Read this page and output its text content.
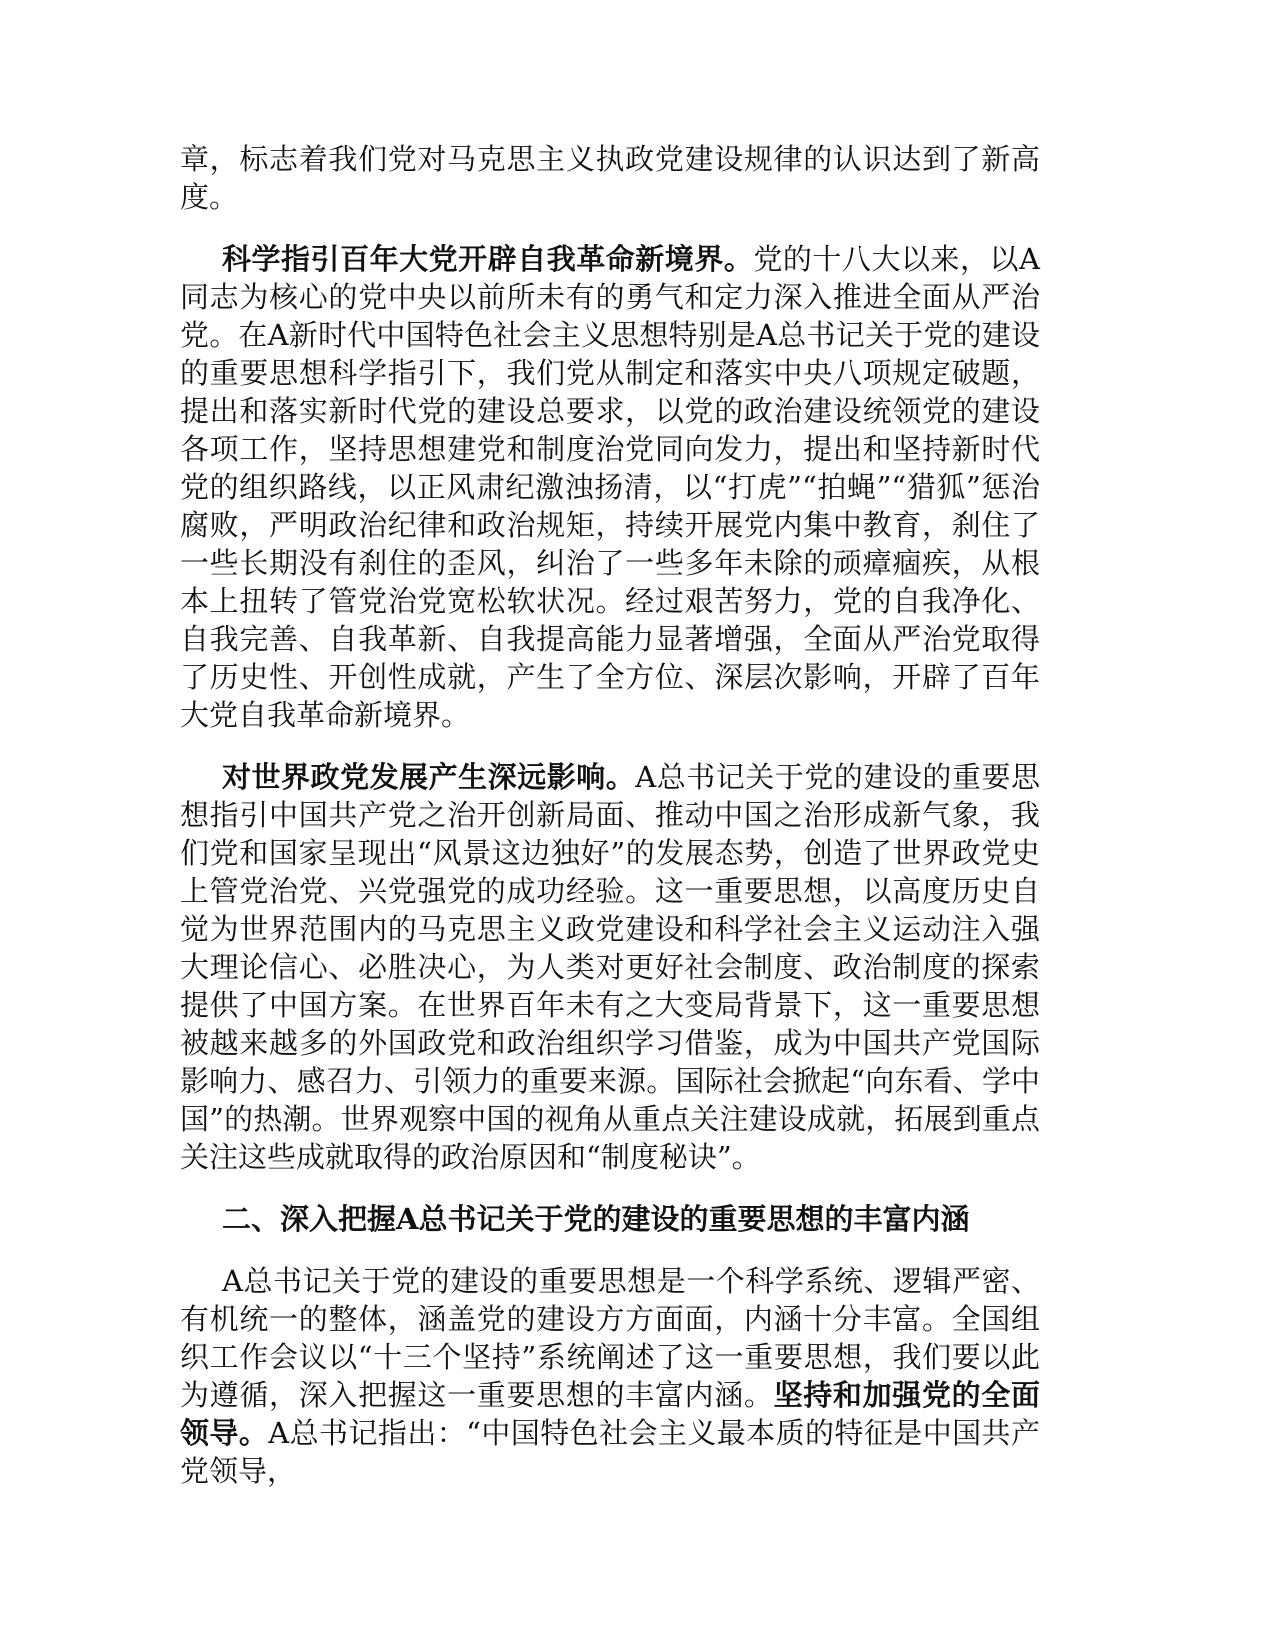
章，标志着我们党对马克思主义执政党建设规律的认识达到了新高度。

科学指引百年大党开辟自我革命新境界。党的十八大以来，以A同志为核心的党中央以前所未有的勇气和定力深入推进全面从严治党。在A新时代中国特色社会主义思想特别是A总书记关于党的建设的重要思想科学指引下，我们党从制定和落实中央八项规定破题，提出和落实新时代党的建设总要求，以党的政治建设统领党的建设各项工作，坚持思想建党和制度治党同向发力，提出和坚持新时代党的组织路线，以正风肃纪激浊扬清，以“打虎”“拍蝇”“猎狐”惩治腐败，严明政治纪律和政治规矩，持续开展党内集中教育，刹住了一些长期没有刹住的歪风，纠治了一些多年未除的顽瘴痼疾，从根本上扭转了管党治党宽松软状况。经过艰苦努力，党的自我净化、自我完善、自我革新、自我提高能力显著增强，全面从严治党取得了历史性、开创性成就，产生了全方位、深层次影响，开辟了百年大党自我革命新境界。

对世界政党发展产生深远影响。A总书记关于党的建设的重要思想指引中国共产党之治开创新局面、推动中国之治形成新气象，我们党和国家呈现出“风景这边独好”的发展态势，创造了世界政党史上管党治党、兴党强党的成功经验。这一重要思想，以高度历史自觉为世界范围内的马克思主义政党建设和科学社会主义运动注入强大理论信心、必胜决心，为人类对更好社会制度、政治制度的探索提供了中国方案。在世界百年未有之大变局背景下，这一重要思想被越来越多的外国政党和政治组织学习借鉴，成为中国共产党国际影响力、感召力、引领力的重要来源。国际社会掀起“向东看、学中国”的热潮。世界观察中国的视角从重点关注建设成就，拓展到重点关注这些成就取得的政治原因和“制度秘诀”。

二、深入把握A总书记关于党的建设的重要思想的丰富内涵

A总书记关于党的建设的重要思想是一个科学系统、逻辑严密、有机统一的整体，涵盖党的建设方方面面，内涵十分丰富。全国组织工作会议以“十三个坚持”系统阐述了这一重要思想，我们要以此为遵循，深入把握这一重要思想的丰富内涵。坚持和加强党的全面领导。A总书记指出：“中国特色社会主义最本质的特征是中国共产党领导，
